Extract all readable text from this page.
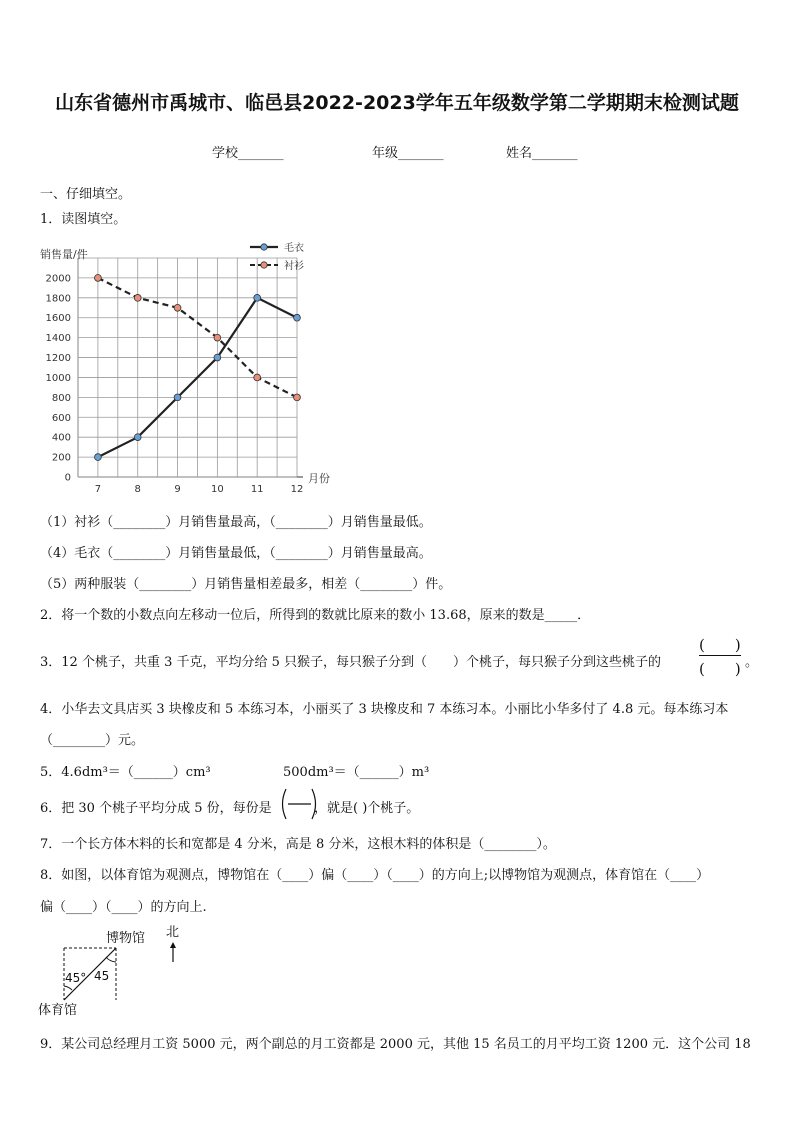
山东省德州市禹城市、临邑县2022-2023学年五年级数学第二学期期末检测试题
学校_______	年级_______	姓名_______
一、仔细填空。
1．读图填空。
0
200
400
600
800
1000
1200
1400
1600
1800
2000
7	8	9	10	11	12
销售量/件
月份
毛衣
衬衫
（1）衬衫（________）月销售量最高，（________）月销售量最低。
（4）毛衣（________）月销售量最低，（________）月销售量最高。
（5）两种服装（________）月销售量相差最多，相差（________）件。
2．将一个数的小数点向左移动一位后，所得到的数就比原来的数小 13.68，原来的数是_____．
3．12 个桃子，共重 3 千克，平均分给 5 只猴子，每只猴子分到（　　）个桃子，每只猴子分到这些桃子的
(　　)
(　　) 。
4．小华去文具店买 3 块橡皮和 5 本练习本，小丽买了 3 块橡皮和 7 本练习本。小丽比小华多付了 4.8 元。每本练习本
（________）元。
5．4.6dm³＝（______）cm³	500dm³＝（______）m³
6．把 30 个桃子平均分成 5 份，每份是	，就是( )个桃子。
7．一个长方体木料的长和宽都是 4 分米，高是 8 分米，这根木料的体积是（________）。
8．如图，以体育馆为观测点，博物馆在（____）偏（____）（____）的方向上;以博物馆为观测点，体育馆在（____）
偏（____）（____）的方向上.
博物馆
体育馆
45° 45
北
9．某公司总经理月工资 5000 元，两个副总的月工资都是 2000 元，其他 15 名员工的月平均工资 1200 元．这个公司 18
